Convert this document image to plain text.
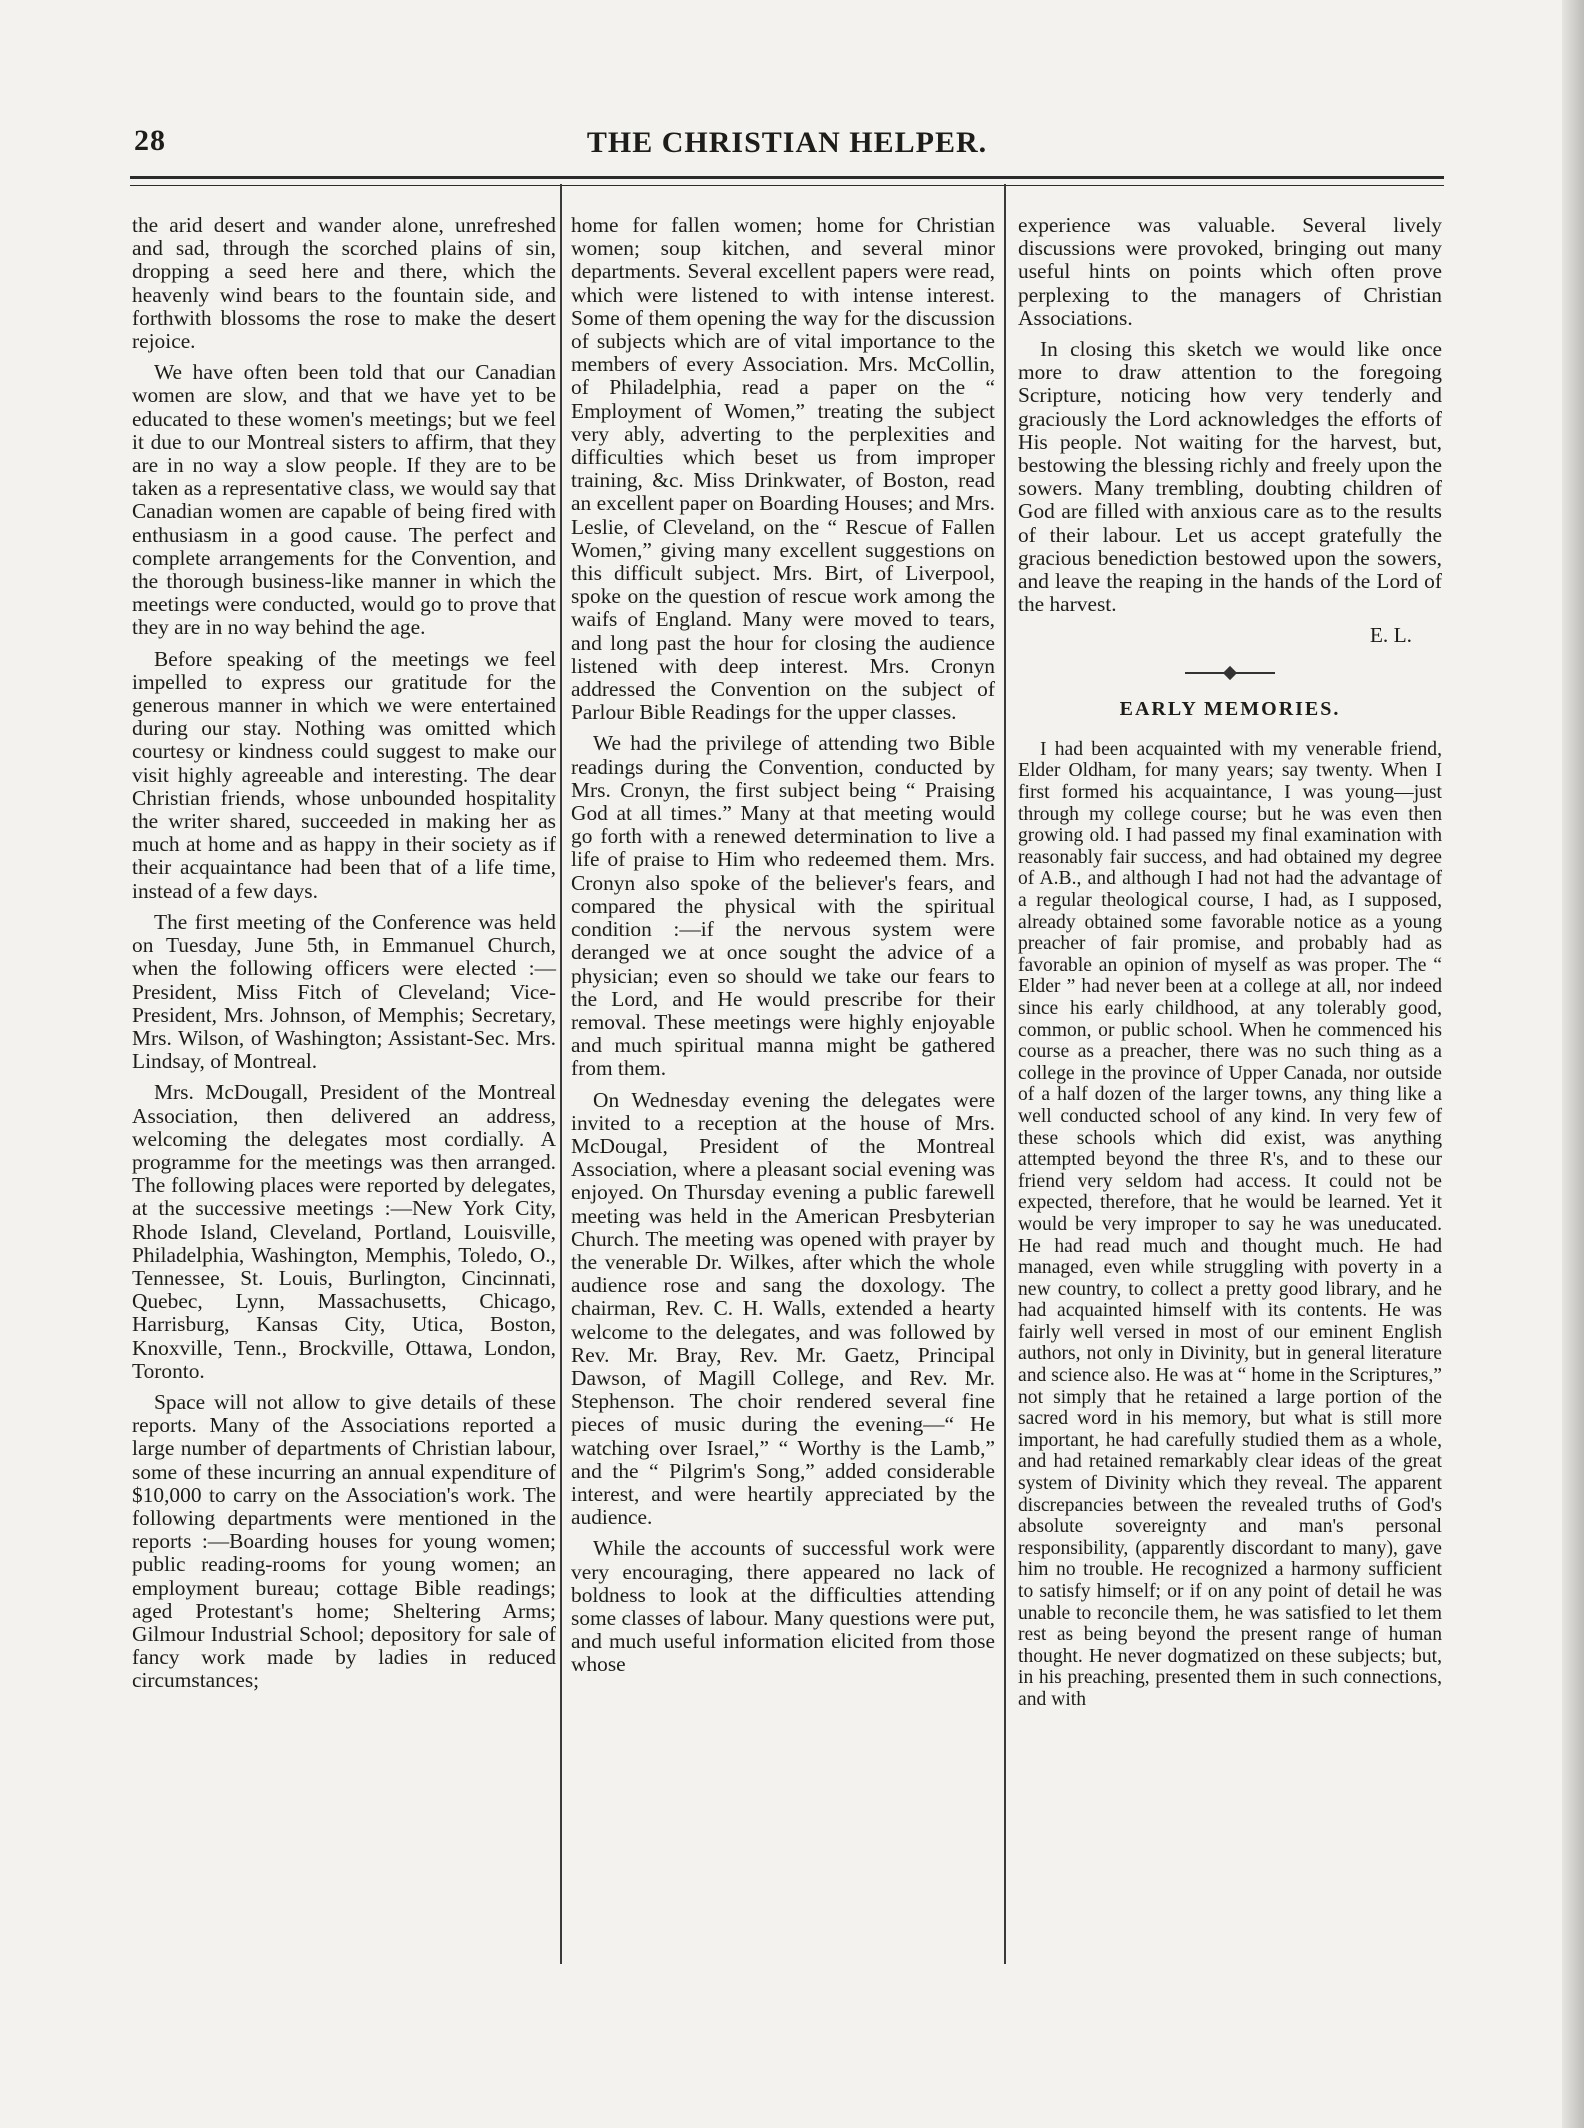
28	THE CHRISTIAN HELPER.

the arid desert and wander alone, unrefreshed and sad, through the scorched plains of sin, dropping a seed here and there, which the heavenly wind bears to the fountain side, and forthwith blossoms the rose to make the desert rejoice.

We have often been told that our Canadian women are slow, and that we have yet to be educated to these women's meetings; but we feel it due to our Montreal sisters to affirm, that they are in no way a slow people. If they are to be taken as a representative class, we would say that Canadian women are capable of being fired with enthusiasm in a good cause. The perfect and complete arrangements for the Convention, and the thorough business-like manner in which the meetings were conducted, would go to prove that they are in no way behind the age.

Before speaking of the meetings we feel impelled to express our gratitude for the generous manner in which we were entertained during our stay. Nothing was omitted which courtesy or kindness could suggest to make our visit highly agreeable and interesting. The dear Christian friends, whose unbounded hospitality the writer shared, succeeded in making her as much at home and as happy in their society as if their acquaintance had been that of a life time, instead of a few days.

The first meeting of the Conference was held on Tuesday, June 5th, in Emmanuel Church, when the following officers were elected :—President, Miss Fitch of Cleveland; Vice-President, Mrs. Johnson, of Memphis; Secretary, Mrs. Wilson, of Washington; Assistant-Sec. Mrs. Lindsay, of Montreal.

Mrs. McDougall, President of the Montreal Association, then delivered an address, welcoming the delegates most cordially. A programme for the meetings was then arranged. The following places were reported by delegates, at the successive meetings :—New York City, Rhode Island, Cleveland, Portland, Louisville, Philadelphia, Washington, Memphis, Toledo, O., Tennessee, St. Louis, Burlington, Cincinnati, Quebec, Lynn, Massachusetts, Chicago, Harrisburg, Kansas City, Utica, Boston, Knoxville, Tenn., Brockville, Ottawa, London, Toronto.

Space will not allow to give details of these reports. Many of the Associations reported a large number of departments of Christian labour, some of these incurring an annual expenditure of $10,000 to carry on the Association's work. The following departments were mentioned in the reports :—Boarding houses for young women; public reading-rooms for young women; an employment bureau; cottage Bible readings; aged Protestant's home; Sheltering Arms; Gilmour Industrial School; depository for sale of fancy work made by ladies in reduced circumstances;

home for fallen women; home for Christian women; soup kitchen, and several minor departments. Several excellent papers were read, which were listened to with intense interest. Some of them opening the way for the discussion of subjects which are of vital importance to the members of every Association. Mrs. McCollin, of Philadelphia, read a paper on the “ Employment of Women,” treating the subject very ably, adverting to the perplexities and difficulties which beset us from improper training, &c. Miss Drinkwater, of Boston, read an excellent paper on Boarding Houses; and Mrs. Leslie, of Cleveland, on the “ Rescue of Fallen Women,” giving many excellent suggestions on this difficult subject. Mrs. Birt, of Liverpool, spoke on the question of rescue work among the waifs of England. Many were moved to tears, and long past the hour for closing the audience listened with deep interest. Mrs. Cronyn addressed the Convention on the subject of Parlour Bible Readings for the upper classes.

We had the privilege of attending two Bible readings during the Convention, conducted by Mrs. Cronyn, the first subject being “ Praising God at all times.” Many at that meeting would go forth with a renewed determination to live a life of praise to Him who redeemed them. Mrs. Cronyn also spoke of the believer's fears, and compared the physical with the spiritual condition :—if the nervous system were deranged we at once sought the advice of a physician; even so should we take our fears to the Lord, and He would prescribe for their removal. These meetings were highly enjoyable and much spiritual manna might be gathered from them.

On Wednesday evening the delegates were invited to a reception at the house of Mrs. McDougal, President of the Montreal Association, where a pleasant social evening was enjoyed. On Thursday evening a public farewell meeting was held in the American Presbyterian Church. The meeting was opened with prayer by the venerable Dr. Wilkes, after which the whole audience rose and sang the doxology. The chairman, Rev. C. H. Walls, extended a hearty welcome to the delegates, and was followed by Rev. Mr. Bray, Rev. Mr. Gaetz, Principal Dawson, of Magill College, and Rev. Mr. Stephenson. The choir rendered several fine pieces of music during the evening—“ He watching over Israel,” “ Worthy is the Lamb,” and the “ Pilgrim's Song,” added considerable interest, and were heartily appreciated by the audience.

While the accounts of successful work were very encouraging, there appeared no lack of boldness to look at the difficulties attending some classes of labour. Many questions were put, and much useful information elicited from those whose

experience was valuable. Several lively discussions were provoked, bringing out many useful hints on points which often prove perplexing to the managers of Christian Associations.

In closing this sketch we would like once more to draw attention to the foregoing Scripture, noticing how very tenderly and graciously the Lord acknowledges the efforts of His people. Not waiting for the harvest, but, bestowing the blessing richly and freely upon the sowers. Many trembling, doubting children of God are filled with anxious care as to the results of their labour. Let us accept gratefully the gracious benediction bestowed upon the sowers, and leave the reaping in the hands of the Lord of the harvest.

E. L.
EARLY MEMORIES.

I had been acquainted with my venerable friend, Elder Oldham, for many years; say twenty. When I first formed his acquaintance, I was young—just through my college course; but he was even then growing old. I had passed my final examination with reasonably fair success, and had obtained my degree of A.B., and although I had not had the advantage of a regular theological course, I had, as I supposed, already obtained some favorable notice as a young preacher of fair promise, and probably had as favorable an opinion of myself as was proper. The “ Elder ” had never been at a college at all, nor indeed since his early childhood, at any tolerably good, common, or public school. When he commenced his course as a preacher, there was no such thing as a college in the province of Upper Canada, nor outside of a half dozen of the larger towns, any thing like a well conducted school of any kind. In very few of these schools which did exist, was anything attempted beyond the three R's, and to these our friend very seldom had access. It could not be expected, therefore, that he would be learned. Yet it would be very improper to say he was uneducated. He had read much and thought much. He had managed, even while struggling with poverty in a new country, to collect a pretty good library, and he had acquainted himself with its contents. He was fairly well versed in most of our eminent English authors, not only in Divinity, but in general literature and science also. He was at “ home in the Scriptures,” not simply that he retained a large portion of the sacred word in his memory, but what is still more important, he had carefully studied them as a whole, and had retained remarkably clear ideas of the great system of Divinity which they reveal. The apparent discrepancies between the revealed truths of God's absolute sovereignty and man's personal responsibility, (apparently discordant to many), gave him no trouble. He recognized a harmony sufficient to satisfy himself; or if on any point of detail he was unable to reconcile them, he was satisfied to let them rest as being beyond the present range of human thought. He never dogmatized on these subjects; but, in his preaching, presented them in such connections, and with
